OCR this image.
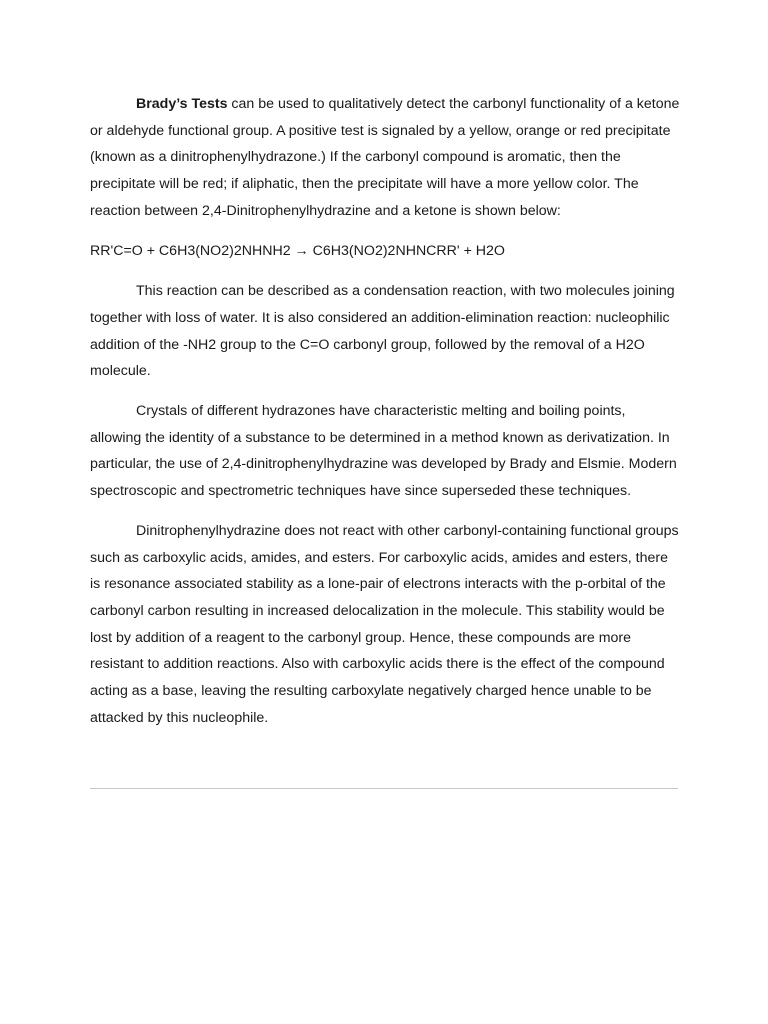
Brady’s Tests can be used to qualitatively detect the carbonyl functionality of a ketone or aldehyde functional group. A positive test is signaled by a yellow, orange or red precipitate (known as a dinitrophenylhydrazone.) If the carbonyl compound is aromatic, then the precipitate will be red; if aliphatic, then the precipitate will have a more yellow color. The reaction between 2,4-Dinitrophenylhydrazine and a ketone is shown below:

RR'C=O + C6H3(NO2)2NHNH2 → C6H3(NO2)2NHNCRR' + H2O

This reaction can be described as a condensation reaction, with two molecules joining together with loss of water. It is also considered an addition-elimination reaction: nucleophilic addition of the -NH2 group to the C=O carbonyl group, followed by the removal of a H2O molecule.

Crystals of different hydrazones have characteristic melting and boiling points, allowing the identity of a substance to be determined in a method known as derivatization. In particular, the use of 2,4-dinitrophenylhydrazine was developed by Brady and Elsmie. Modern spectroscopic and spectrometric techniques have since superseded these techniques.

Dinitrophenylhydrazine does not react with other carbonyl-containing functional groups such as carboxylic acids, amides, and esters. For carboxylic acids, amides and esters, there is resonance associated stability as a lone-pair of electrons interacts with the p-orbital of the carbonyl carbon resulting in increased delocalization in the molecule. This stability would be lost by addition of a reagent to the carbonyl group. Hence, these compounds are more resistant to addition reactions. Also with carboxylic acids there is the effect of the compound acting as a base, leaving the resulting carboxylate negatively charged hence unable to be attacked by this nucleophile.
